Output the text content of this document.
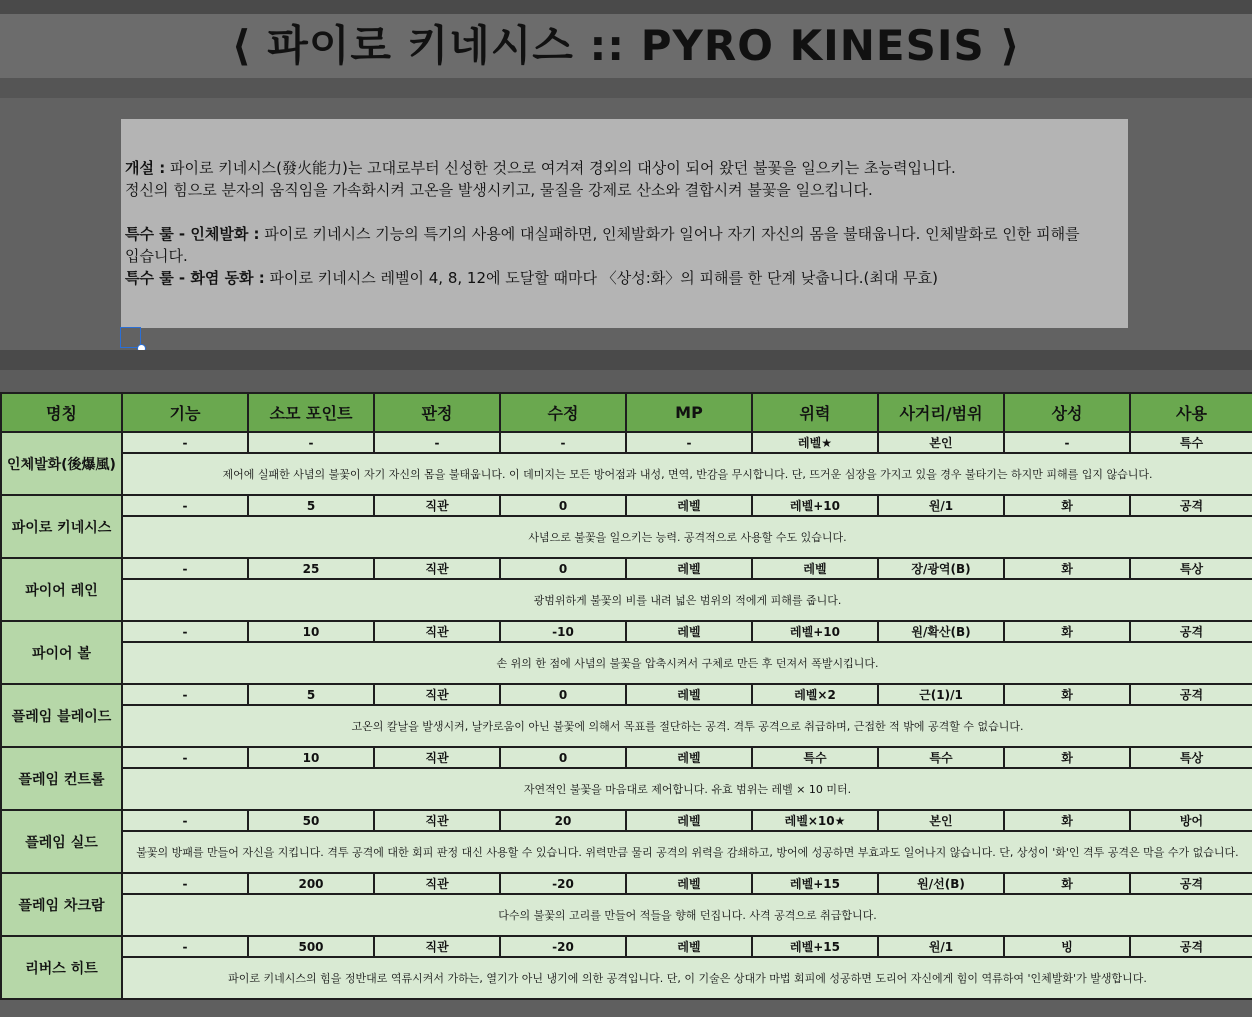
⟨ 파이로 키네시스 :: PYRO KINESIS ⟩

개설 : 파이로 키네시스(發火能力)는 고대로부터 신성한 것으로 여겨져 경외의 대상이 되어 왔던 불꽃을 일으키는 초능력입니다.

정신의 힘으로 분자의 움직임을 가속화시켜 고온을 발생시키고, 물질을 강제로 산소와 결합시켜 불꽃을 일으킵니다.

특수 룰 - 인체발화 : 파이로 키네시스 기능의 특기의 사용에 대실패하면, 인체발화가 일어나 자기 자신의 몸을 불태웁니다. 인체발화로 인한 피해를

입습니다.

특수 룰 - 화염 동화 : 파이로 키네시스 레벨이 4, 8, 12에 도달할 때마다 〈상성:화〉의 피해를 한 단계 낮춥니다.(최대 무효)

명칭	기능	소모 포인트	판정	수정	MP	위력	사거리/범위	상성	사용
인체발화(後爆風)	-	-	-	-	-	레벨★	본인	-	특수
	제어에 실패한 사념의 불꽃이 자기 자신의 몸을 불태웁니다. 이 데미지는 모든 방어점과 내성, 면역, 반감을 무시합니다. 단, 뜨거운 심장을 가지고 있을 경우 불타기는 하지만 피해를 입지 않습니다.								
파이로 키네시스	-	5	직관	0	레벨	레벨+10	원/1	화	공격
	사념으로 불꽃을 일으키는 능력. 공격적으로 사용할 수도 있습니다.								
파이어 레인	-	25	직관	0	레벨	레벨	장/광역(B)	화	특상
	광범위하게 불꽃의 비를 내려 넓은 범위의 적에게 피해를 줍니다.								
파이어 볼	-	10	직관	-10	레벨	레벨+10	원/확산(B)	화	공격
	손 위의 한 점에 사념의 불꽃을 압축시켜서 구체로 만든 후 던져서 폭발시킵니다.								
플레임 블레이드	-	5	직관	0	레벨	레벨×2	근(1)/1	화	공격
	고온의 칼날을 발생시켜, 날카로움이 아닌 불꽃에 의해서 목표를 절단하는 공격. 격투 공격으로 취급하며, 근접한 적 밖에 공격할 수 없습니다.								
플레임 컨트롤	-	10	직관	0	레벨	특수	특수	화	특상
	자연적인 불꽃을 마음대로 제어합니다. 유효 범위는 레벨 × 10 미터.								
플레임 실드	-	50	직관	20	레벨	레벨×10★	본인	화	방어
	불꽃의 방패를 만들어 자신을 지킵니다. 격투 공격에 대한 회피 판정 대신 사용할 수 있습니다. 위력만큼 물리 공격의 위력을 감쇄하고, 방어에 성공하면 부효과도 일어나지 않습니다. 단, 상성이 '화'인 격투 공격은 막을 수가 없습니다.								
플레임 차크람	-	200	직관	-20	레벨	레벨+15	원/선(B)	화	공격
	다수의 불꽃의 고리를 만들어 적들을 향해 던집니다. 사격 공격으로 취급합니다.								
리버스 히트	-	500	직관	-20	레벨	레벨+15	원/1	빙	공격
	파이로 키네시스의 힘을 정반대로 역류시켜서 가하는, 열기가 아닌 냉기에 의한 공격입니다. 단, 이 기술은 상대가 마법 회피에 성공하면 도리어 자신에게 힘이 역류하여 '인체발화'가 발생합니다.								
